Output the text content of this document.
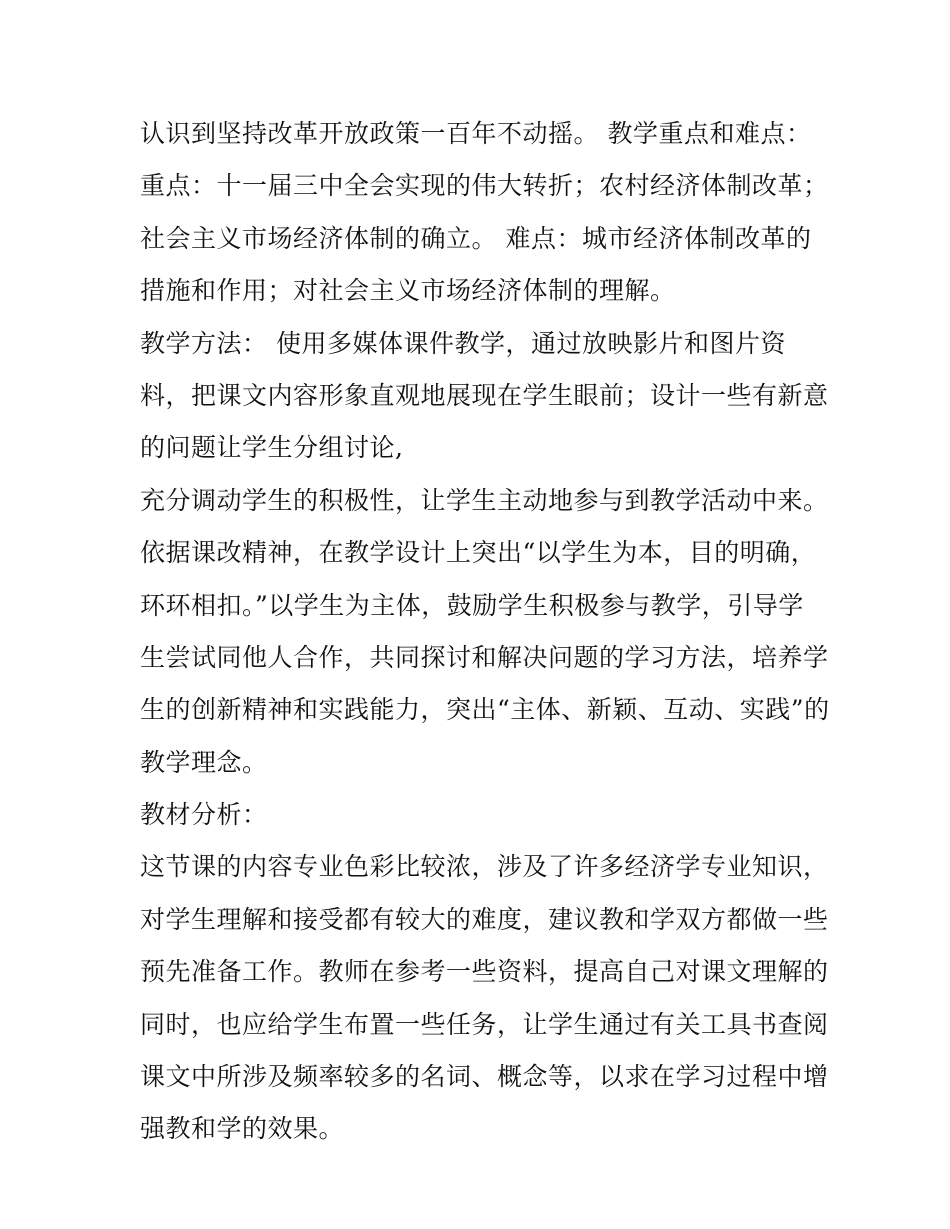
认识到坚持改革开放政策一百年不动摇。 教学重点和难点：
重点：十一届三中全会实现的伟大转折；农村经济体制改革；
社会主义市场经济体制的确立。 难点：城市经济体制改革的
措施和作用；对社会主义市场经济体制的理解。
教学方法： 使用多媒体课件教学，通过放映影片和图片资
料，把课文内容形象直观地展现在学生眼前；设计一些有新意
的问题让学生分组讨论,
充分调动学生的积极性，让学生主动地参与到教学活动中来。
依据课改精神，在教学设计上突出“以学生为本，目的明确，
环环相扣。”以学生为主体，鼓励学生积极参与教学，引导学
生尝试同他人合作，共同探讨和解决问题的学习方法，培养学
生的创新精神和实践能力，突出“主体、新颖、互动、实践”的
教学理念。
教材分析：
这节课的内容专业色彩比较浓，涉及了许多经济学专业知识，
对学生理解和接受都有较大的难度，建议教和学双方都做一些
预先准备工作。教师在参考一些资料，提高自己对课文理解的
同时，也应给学生布置一些任务，让学生通过有关工具书查阅
课文中所涉及频率较多的名词、概念等，以求在学习过程中增
强教和学的效果。
